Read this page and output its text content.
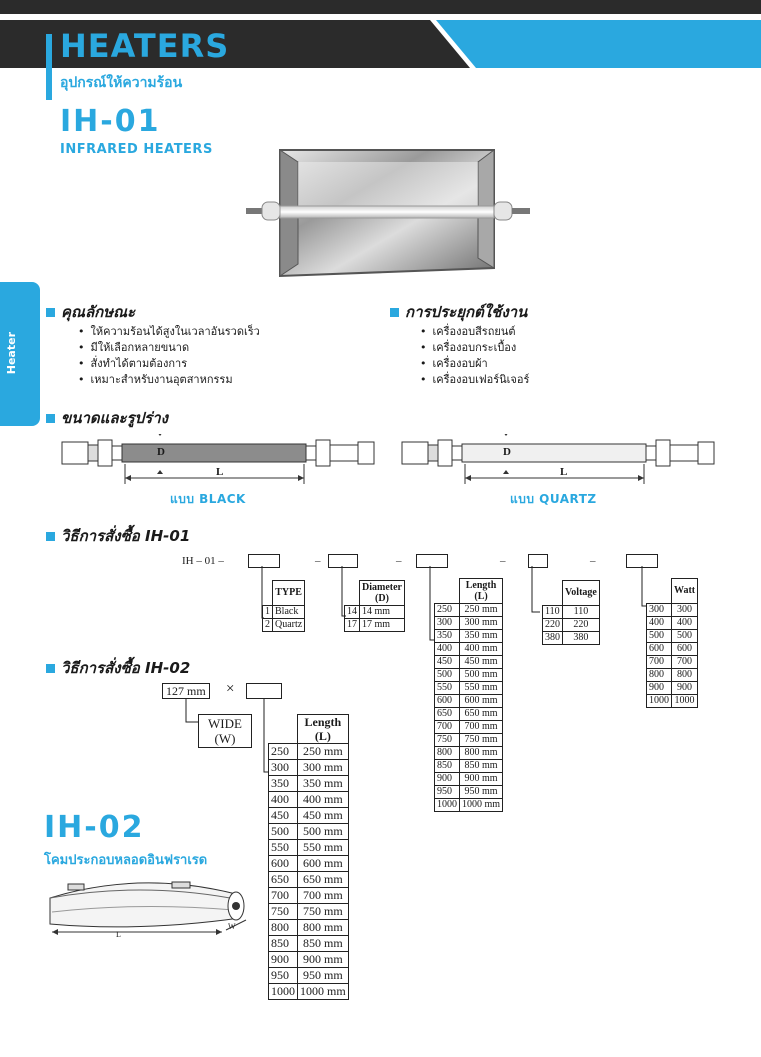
HEATERS
อุปกรณ์ให้ความร้อน
Heater
IH-01
INFRARED HEATERS
คุณลักษณะ
• ให้ความร้อนได้สูงในเวลาอันรวดเร็ว
• มีให้เลือกหลายขนาด
• สั่งทำได้ตามต้องการ
• เหมาะสำหรับงานอุตสาหกรรม
การประยุกต์ใช้งาน
• เครื่องอบสีรถยนต์
• เครื่องอบกระเบื้อง
• เครื่องอบผ้า
• เครื่องอบเฟอร์นิเจอร์
ขนาดและรูปร่าง
D
L
แบบ BLACK
D
L
แบบ QUARTZ
วิธีการสั่งซื้อ IH-01
IH – 01 –	–	–	–	–
	TYPE
1	Black
2	Quartz
	Diameter
(D)
14	14 mm
17	17 mm
	Length
(L)
250	250 mm
300	300 mm
350	350 mm
400	400 mm
450	450 mm
500	500 mm
550	550 mm
600	600 mm
650	650 mm
700	700 mm
750	750 mm
800	800 mm
850	850 mm
900	900 mm
950	950 mm
1000	1000 mm
	Voltage
110	110
220	220
380	380
	Watt
300	300
400	400
500	500
600	600
700	700
800	800
900	900
1000	1000
วิธีการสั่งซื้อ IH-02
127 mm ×
WIDE
(W)
	Length
(L)
250	250 mm
300	300 mm
350	350 mm
400	400 mm
450	450 mm
500	500 mm
550	550 mm
600	600 mm
650	650 mm
700	700 mm
750	750 mm
800	800 mm
850	850 mm
900	900 mm
950	950 mm
1000	1000 mm
IH-02
โคมประกอบหลอดอินฟราเรด
L
W
